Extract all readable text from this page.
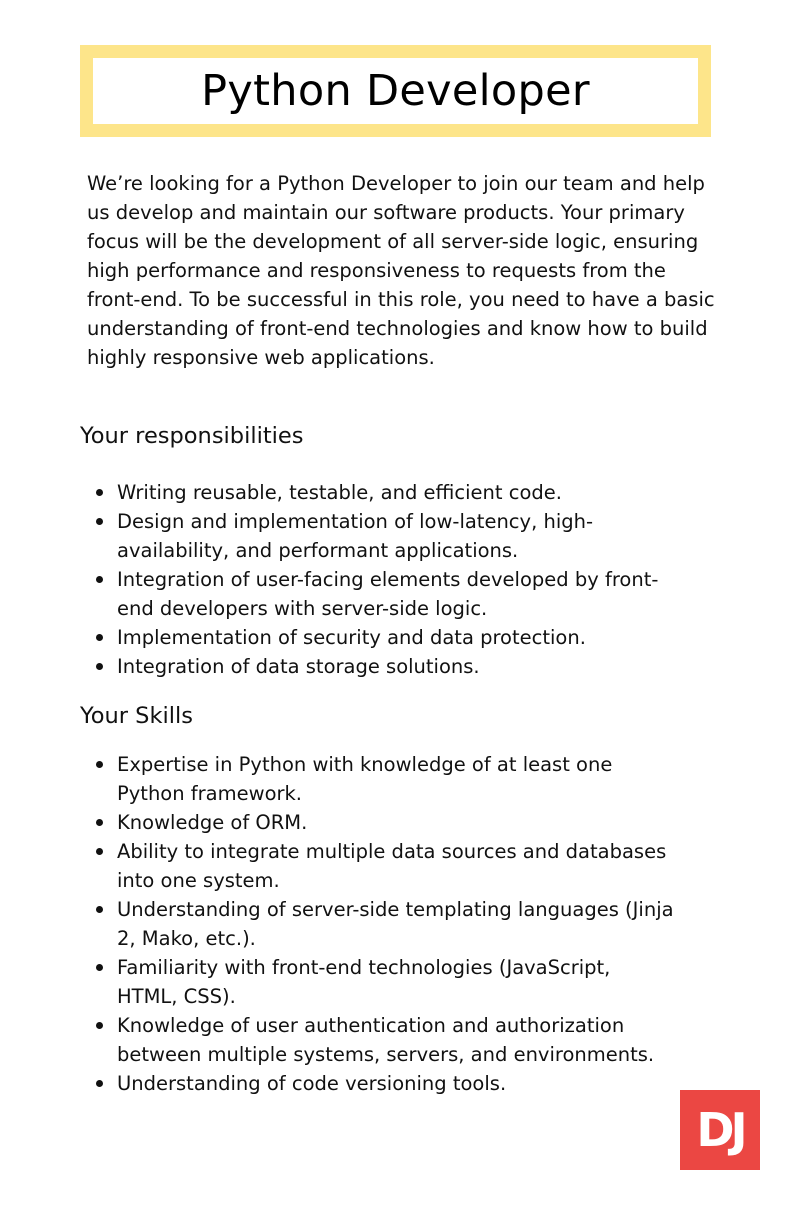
Python Developer

We’re looking for a Python Developer to join our team and help us develop and maintain our software products. Your primary focus will be the development of all server-side logic, ensuring high performance and responsiveness to requests from the front-end. To be successful in this role, you need to have a basic understanding of front-end technologies and know how to build highly responsive web applications.

Your responsibilities
Writing reusable, testable, and efficient code.
Design and implementation of low-latency, high-availability, and performant applications.
Integration of user-facing elements developed by front-end developers with server-side logic.
Implementation of security and data protection.
Integration of data storage solutions.
Your Skills
Expertise in Python with knowledge of at least one Python framework.
Knowledge of ORM.
Ability to integrate multiple data sources and databases into one system.
Understanding of server-side templating languages (Jinja 2, Mako, etc.).
Familiarity with front-end technologies (JavaScript, HTML, CSS).
Knowledge of user authentication and authorization between multiple systems, servers, and environments.
Understanding of code versioning tools.
DJ
